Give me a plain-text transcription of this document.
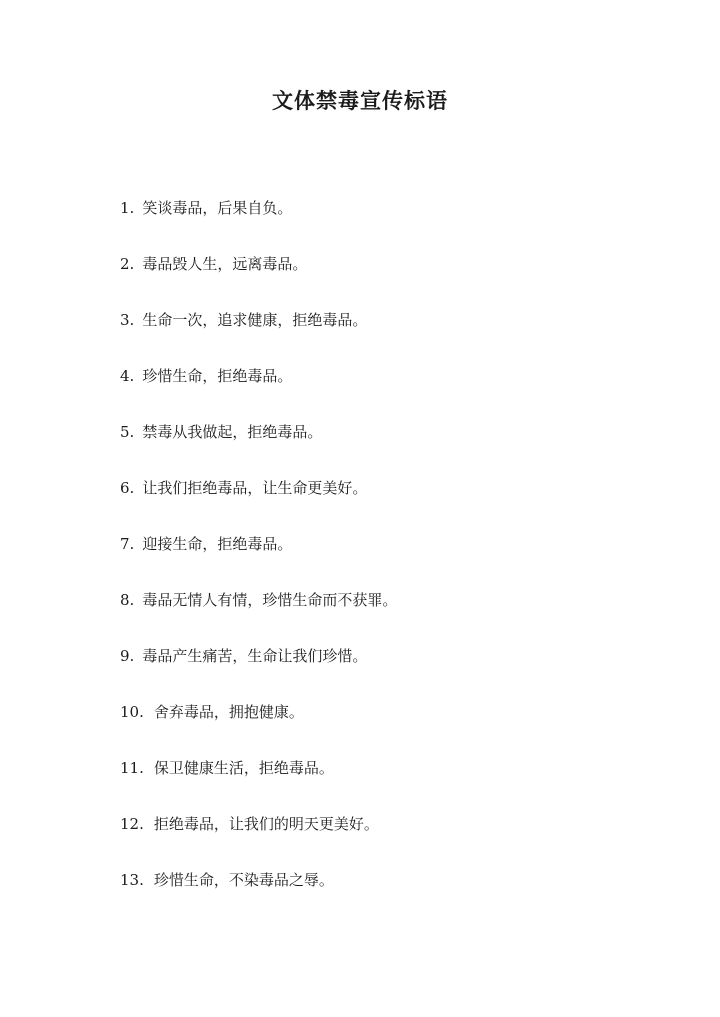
文体禁毒宣传标语
1. 笑谈毒品，后果自负。
2. 毒品毁人生，远离毒品。
3. 生命一次，追求健康，拒绝毒品。
4. 珍惜生命，拒绝毒品。
5. 禁毒从我做起，拒绝毒品。
6. 让我们拒绝毒品，让生命更美好。
7. 迎接生命，拒绝毒品。
8. 毒品无情人有情，珍惜生命而不获罪。
9. 毒品产生痛苦，生命让我们珍惜。
10. 舍弃毒品，拥抱健康。
11. 保卫健康生活，拒绝毒品。
12. 拒绝毒品，让我们的明天更美好。
13. 珍惜生命，不染毒品之辱。
